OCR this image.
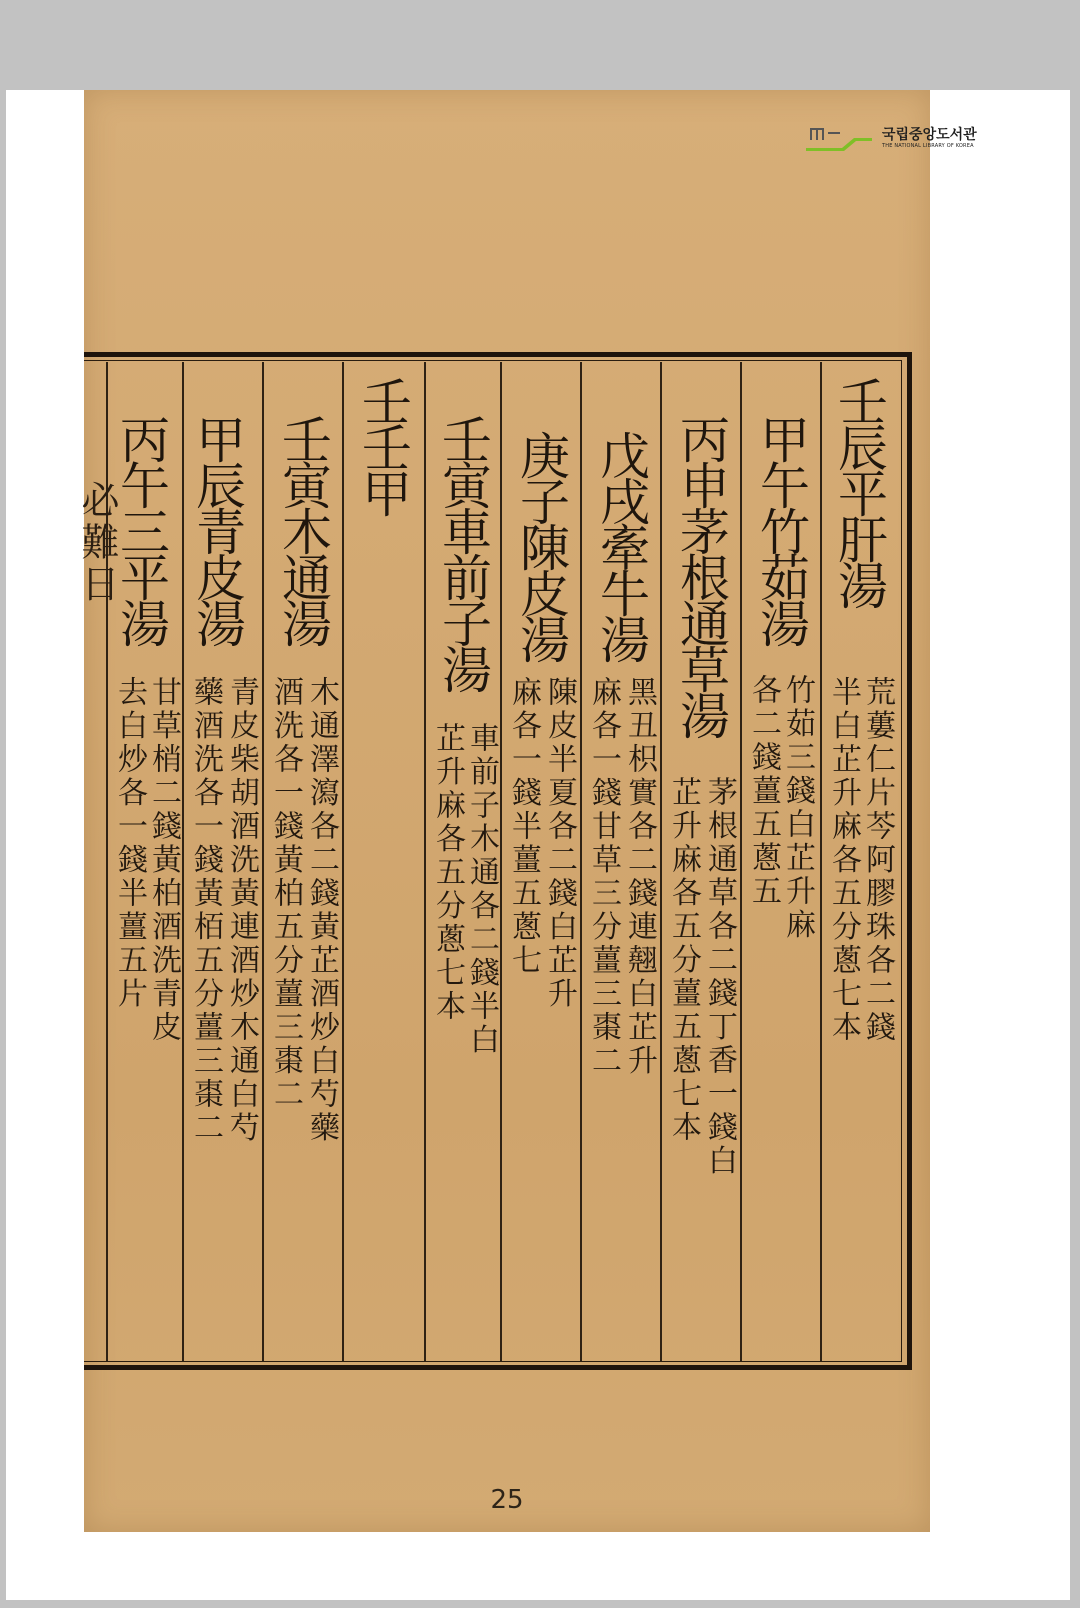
25
국립중앙도서관
THE NATIONAL LIBRARY OF KOREA
必難日	壬辰平肝湯
荒蔞仁片芩阿膠珠各二錢
半白芷升麻各五分蔥七本
甲午竹茹湯
竹茹三錢白芷升麻
各二錢薑五蔥五
丙申茅根通草湯
茅根通草各二錢丁香一錢白
芷升麻各五分薑五蔥七本
戊戌牽牛湯
黑丑枳實各二錢連翹白芷升
麻各一錢甘草三分薑三棗二
庚子陳皮湯
陳皮半夏各二錢白芷升
麻各一錢半薑五蔥七
壬寅車前子湯
車前子木通各二錢半白
芷升麻各五分蔥七本
壬壬甲
壬寅木通湯
木通澤瀉各二錢黃芷酒炒白芍藥
酒洗各一錢黃柏五分薑三棗二
甲辰青皮湯
青皮柴胡酒洗黃連酒炒木通白芍
藥酒洗各一錢黃栢五分薑三棗二
丙午三平湯
甘草梢二錢黃柏酒洗青皮
去白炒各一錢半薑五片
